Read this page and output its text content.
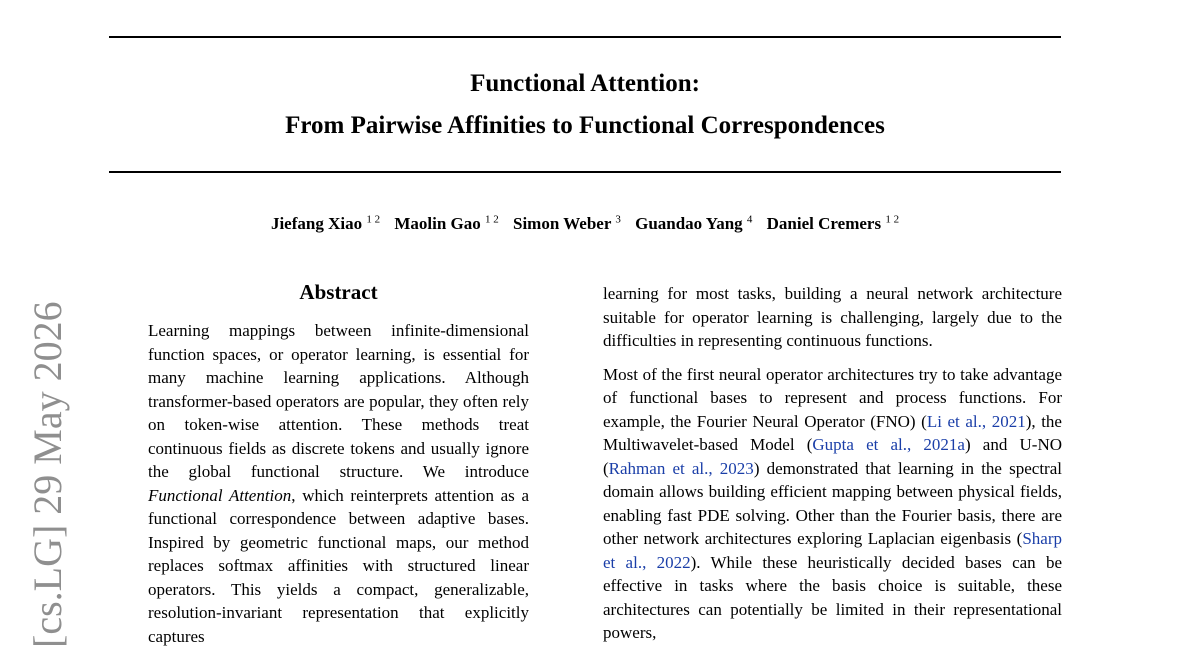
Functional Attention:
From Pairwise Affinities to Functional Correspondences
Jiefang Xiao $^{1 2}$ Maolin Gao $^{1 2}$ Simon Weber $^3$ Guandao Yang $^4$ Daniel Cremers $^{1 2}$
Abstract

Learning mappings between infinite-dimensional function spaces, or operator learning, is essential for many machine learning applications. Although transformer-based operators are popular, they often rely on token-wise attention. These methods treat continuous fields as discrete tokens and usually ignore the global functional structure. We introduce Functional Attention, which reinterprets attention as a functional correspondence between adaptive bases. Inspired by geometric functional maps, our method replaces softmax affinities with structured linear operators. This yields a compact, generalizable, resolution-invariant representation that explicitly captures

learning for most tasks, building a neural network architecture suitable for operator learning is challenging, largely due to the difficulties in representing continuous functions.

Most of the first neural operator architectures try to take advantage of functional bases to represent and process functions. For example, the Fourier Neural Operator (FNO) (Li et al., 2021), the Multiwavelet-based Model (Gupta et al., 2021a) and U-NO (Rahman et al., 2023) demonstrated that learning in the spectral domain allows building efficient mapping between physical fields, enabling fast PDE solving. Other than the Fourier basis, there are other network architectures exploring Laplacian eigenbasis (Sharp et al., 2022). While these heuristically decided bases can be effective in tasks where the basis choice is suitable, these architectures can potentially be limited in their representational powers,

[cs.LG] 29 May 2026
